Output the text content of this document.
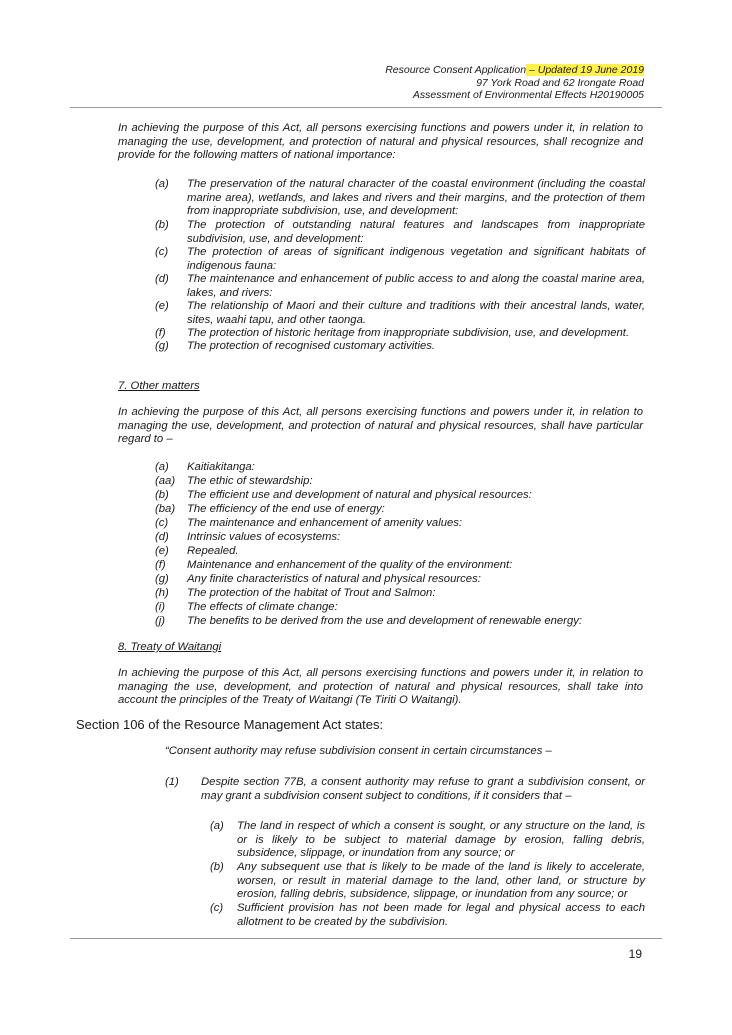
Resource Consent Application – Updated 19 June 2019
97 York Road and 62 Irongate Road
Assessment of Environmental Effects H20190005
In achieving the purpose of this Act, all persons exercising functions and powers under it, in relation to managing the use, development, and protection of natural and physical resources, shall recognize and provide for the following matters of national importance:
(a) The preservation of the natural character of the coastal environment (including the coastal marine area), wetlands, and lakes and rivers and their margins, and the protection of them from inappropriate subdivision, use, and development:
(b) The protection of outstanding natural features and landscapes from inappropriate subdivision, use, and development:
(c) The protection of areas of significant indigenous vegetation and significant habitats of indigenous fauna:
(d) The maintenance and enhancement of public access to and along the coastal marine area, lakes, and rivers:
(e) The relationship of Maori and their culture and traditions with their ancestral lands, water, sites, waahi tapu, and other taonga.
(f) The protection of historic heritage from inappropriate subdivision, use, and development.
(g) The protection of recognised customary activities.
7. Other matters
In achieving the purpose of this Act, all persons exercising functions and powers under it, in relation to managing the use, development, and protection of natural and physical resources, shall have particular regard to –
(a) Kaitiakitanga:
(aa) The ethic of stewardship:
(b) The efficient use and development of natural and physical resources:
(ba) The efficiency of the end use of energy:
(c) The maintenance and enhancement of amenity values:
(d) Intrinsic values of ecosystems:
(e) Repealed.
(f) Maintenance and enhancement of the quality of the environment:
(g) Any finite characteristics of natural and physical resources:
(h) The protection of the habitat of Trout and Salmon:
(i) The effects of climate change:
(j) The benefits to be derived from the use and development of renewable energy:
8. Treaty of Waitangi
In achieving the purpose of this Act, all persons exercising functions and powers under it, in relation to managing the use, development, and protection of natural and physical resources, shall take into account the principles of the Treaty of Waitangi (Te Tiriti O Waitangi).
Section 106 of the Resource Management Act states:
“Consent authority may refuse subdivision consent in certain circumstances –
(1) Despite section 77B, a consent authority may refuse to grant a subdivision consent, or may grant a subdivision consent subject to conditions, if it considers that –
(a) The land in respect of which a consent is sought, or any structure on the land, is or is likely to be subject to material damage by erosion, falling debris, subsidence, slippage, or inundation from any source; or
(b) Any subsequent use that is likely to be made of the land is likely to accelerate, worsen, or result in material damage to the land, other land, or structure by erosion, falling debris, subsidence, slippage, or inundation from any source; or
(c) Sufficient provision has not been made for legal and physical access to each allotment to be created by the subdivision.
19
